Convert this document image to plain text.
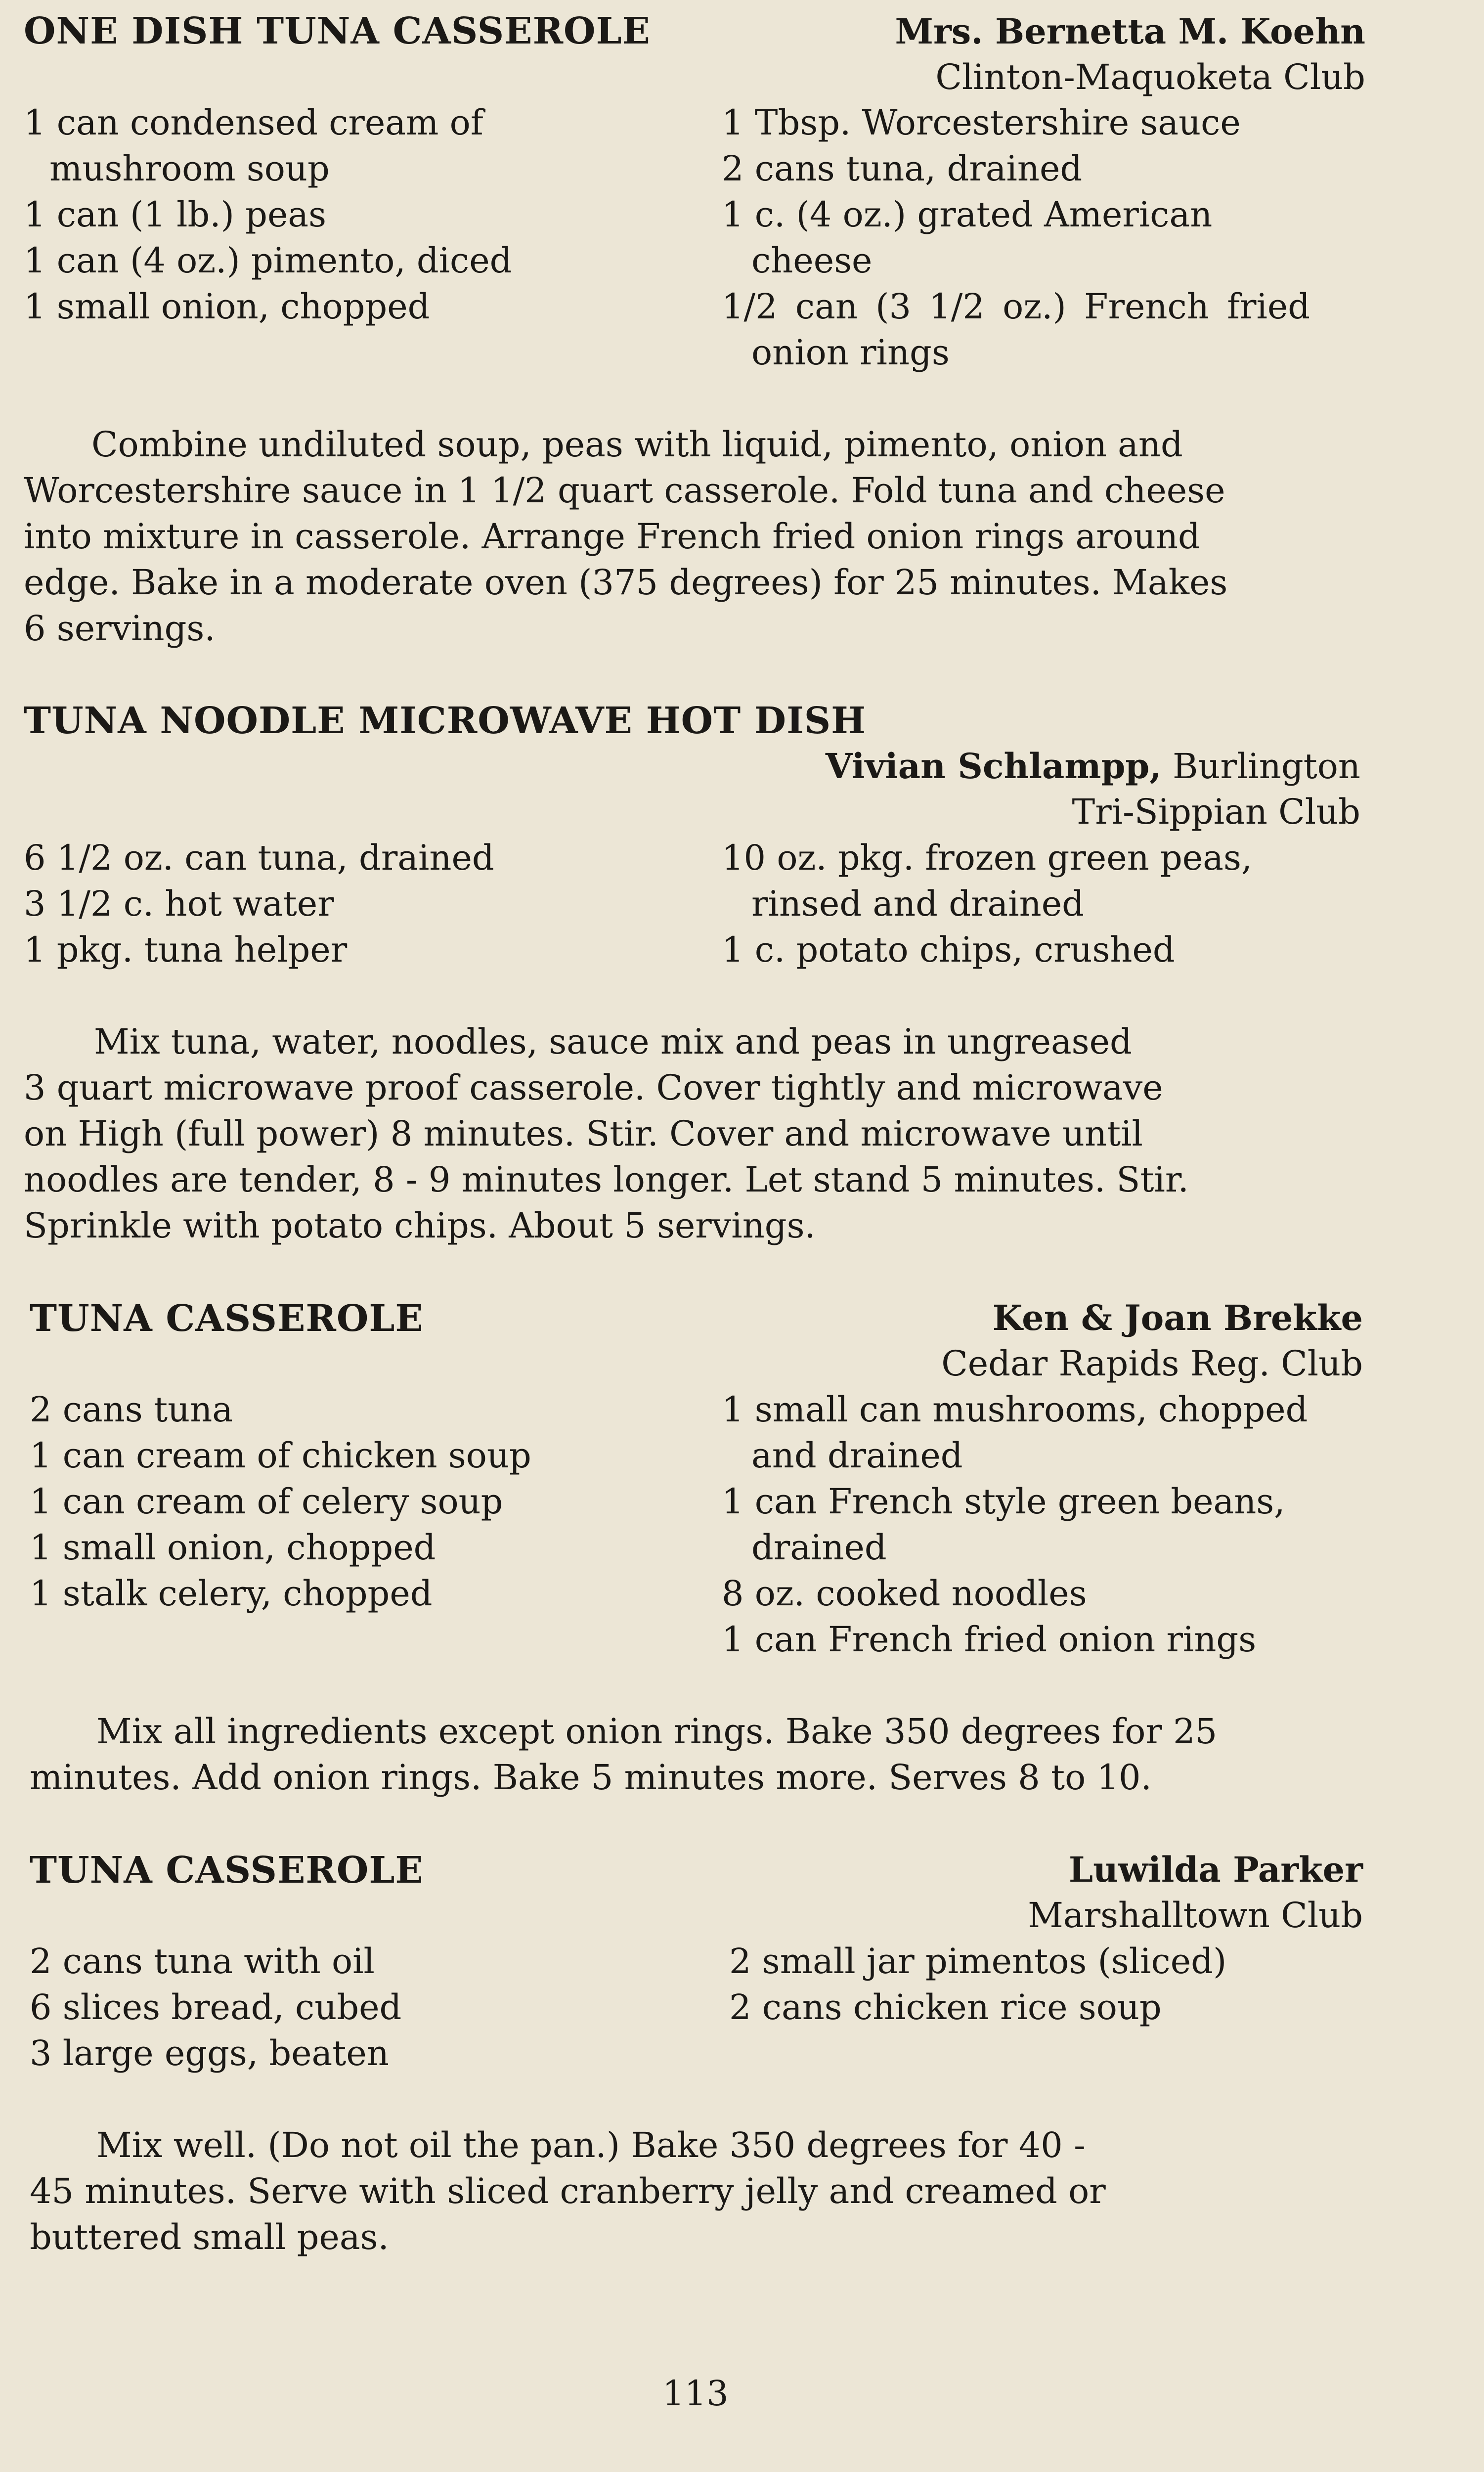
ONE DISH TUNA CASSEROLE	Mrs. Bernetta M. Koehn
Clinton-Maquoketa Club
1 can condensed cream of
mushroom soup
1 can (1 lb.) peas
1 can (4 oz.) pimento, diced
1 small onion, chopped
1 Tbsp. Worcestershire sauce
2 cans tuna, drained
1 c. (4 oz.) grated American
cheese
1/2 can (3 1/2 oz.) French fried
onion rings
Combine undiluted soup, peas with liquid, pimento, onion and
Worcestershire sauce in 1 1/2 quart casserole. Fold tuna and cheese
into mixture in casserole. Arrange French fried onion rings around
edge. Bake in a moderate oven (375 degrees) for 25 minutes. Makes
6 servings.
TUNA NOODLE MICROWAVE HOT DISH
Vivian Schlampp, Burlington
Tri-Sippian Club
6 1/2 oz. can tuna, drained
3 1/2 c. hot water
1 pkg. tuna helper
10 oz. pkg. frozen green peas,
rinsed and drained
1 c. potato chips, crushed
Mix tuna, water, noodles, sauce mix and peas in ungreased
3 quart microwave proof casserole. Cover tightly and microwave
on High (full power) 8 minutes. Stir. Cover and microwave until
noodles are tender, 8 - 9 minutes longer. Let stand 5 minutes. Stir.
Sprinkle with potato chips. About 5 servings.
TUNA CASSEROLE	Ken & Joan Brekke
Cedar Rapids Reg. Club
2 cans tuna
1 can cream of chicken soup
1 can cream of celery soup
1 small onion, chopped
1 stalk celery, chopped
1 small can mushrooms, chopped
and drained
1 can French style green beans,
drained
8 oz. cooked noodles
1 can French fried onion rings
Mix all ingredients except onion rings. Bake 350 degrees for 25
minutes. Add onion rings. Bake 5 minutes more. Serves 8 to 10.
TUNA CASSEROLE	Luwilda Parker
Marshalltown Club
2 cans tuna with oil
6 slices bread, cubed
3 large eggs, beaten
2 small jar pimentos (sliced)
2 cans chicken rice soup
Mix well. (Do not oil the pan.) Bake 350 degrees for 40 -
45 minutes. Serve with sliced cranberry jelly and creamed or
buttered small peas.
113
